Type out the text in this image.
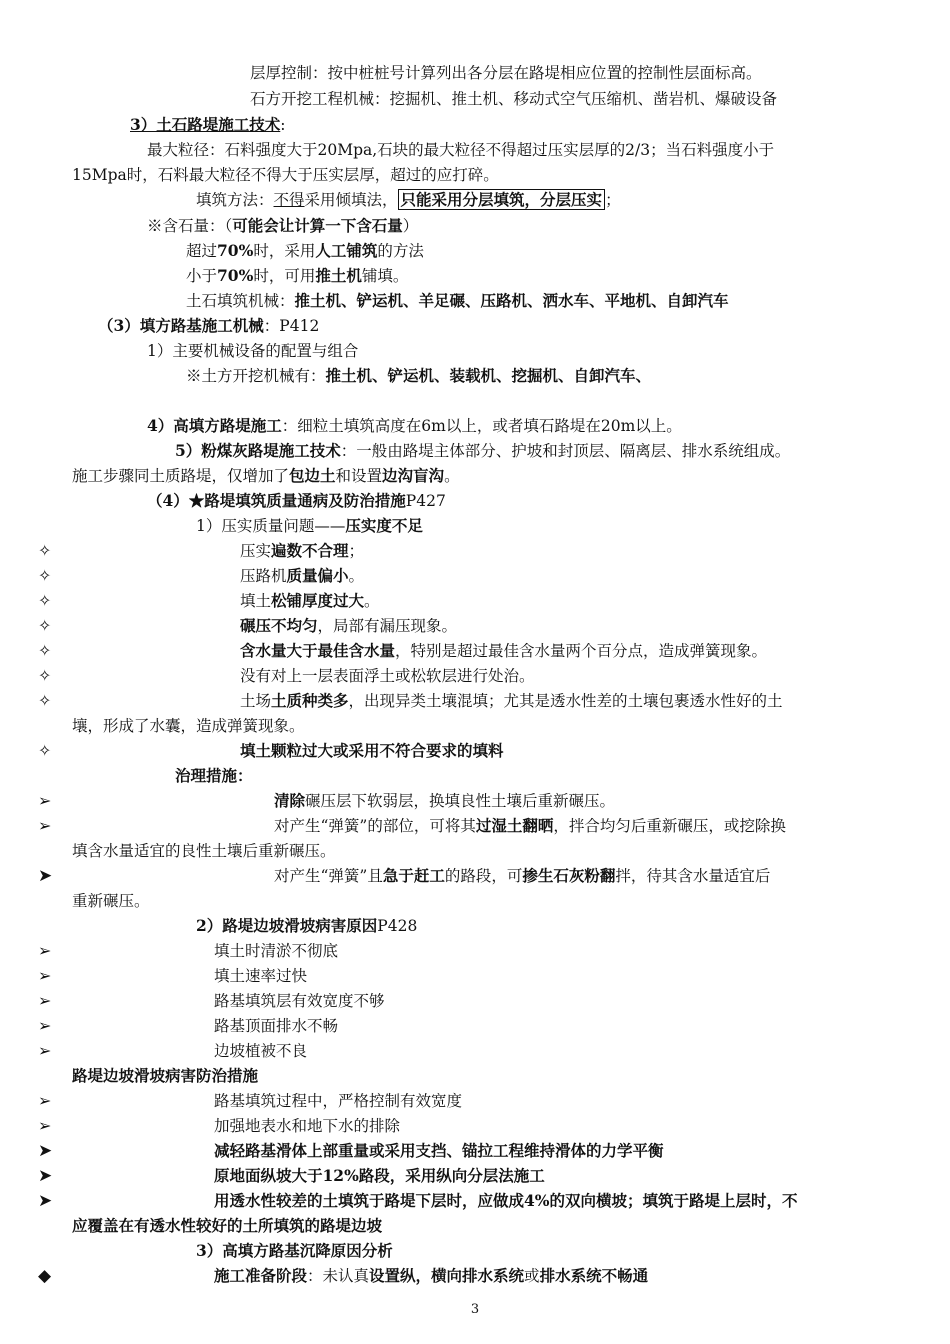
层厚控制：按中桩桩号计算列出各分层在路堤相应位置的控制性层面标高。
石方开挖工程机械：挖掘机、推土机、移动式空气压缩机、凿岩机、爆破设备
3）土石路堤施工技术:
最大粒径：石料强度大于20Mpa,石块的最大粒径不得超过压实层厚的2/3；当石料强度小于
15Mpa时，石料最大粒径不得大于压实层厚，超过的应打碎。
填筑方法：不得采用倾填法， 只能采用分层填筑，分层压实 ；
※含石量：（可能会让计算一下含石量）
超过70%时，采用人工铺筑的方法
小于70%时，可用推土机铺填。
土石填筑机械：推土机、铲运机、羊足碾、压路机、洒水车、平地机、自卸汽车
（3）填方路基施工机械：P412
1）主要机械设备的配置与组合
※土方开挖机械有：推土机、铲运机、装载机、挖掘机、自卸汽车、
4）高填方路堤施工：细粒土填筑高度在6m以上，或者填石路堤在20m以上。
5）粉煤灰路堤施工技术：一般由路堤主体部分、护坡和封顶层、隔离层、排水系统组成。
施工步骤同土质路堤，仅增加了包边土和设置边沟盲沟。
（4）★路堤填筑质量通病及防治措施P427
1）压实质量问题——压实度不足
✧	压实遍数不合理；
✧	压路机质量偏小。
✧	填土松铺厚度过大。
✧	碾压不均匀，局部有漏压现象。
✧	含水量大于最佳含水量，特别是超过最佳含水量两个百分点，造成弹簧现象。
✧	没有对上一层表面浮土或松软层进行处治。
✧	土场土质种类多，出现异类土壤混填；尤其是透水性差的土壤包裹透水性好的土
壤，形成了水囊，造成弹簧现象。
✧	填土颗粒过大或采用不符合要求的填料
治理措施：
➢	清除碾压层下软弱层，换填良性土壤后重新碾压。
➢	对产生“弹簧”的部位，可将其过湿土翻晒，拌合均匀后重新碾压，或挖除换
填含水量适宜的良性土壤后重新碾压。
➤	对产生“弹簧”且急于赶工的路段，可掺生石灰粉翻拌，待其含水量适宜后
重新碾压。
2）路堤边坡滑坡病害原因P428
➢	填土时清淤不彻底
➢	填土速率过快
➢	路基填筑层有效宽度不够
➢	路基顶面排水不畅
➢	边坡植被不良
路堤边坡滑坡病害防治措施
➢	路基填筑过程中，严格控制有效宽度
➢	加强地表水和地下水的排除
➤	减轻路基滑体上部重量或采用支挡、锚拉工程维持滑体的力学平衡
➤	原地面纵坡大于12%路段，采用纵向分层法施工
➤	用透水性较差的土填筑于路堤下层时，应做成4%的双向横坡；填筑于路堤上层时，不
应覆盖在有透水性较好的土所填筑的路堤边坡
3）高填方路基沉降原因分析
◆	施工准备阶段：未认真设置纵，横向排水系统或排水系统不畅通
3
